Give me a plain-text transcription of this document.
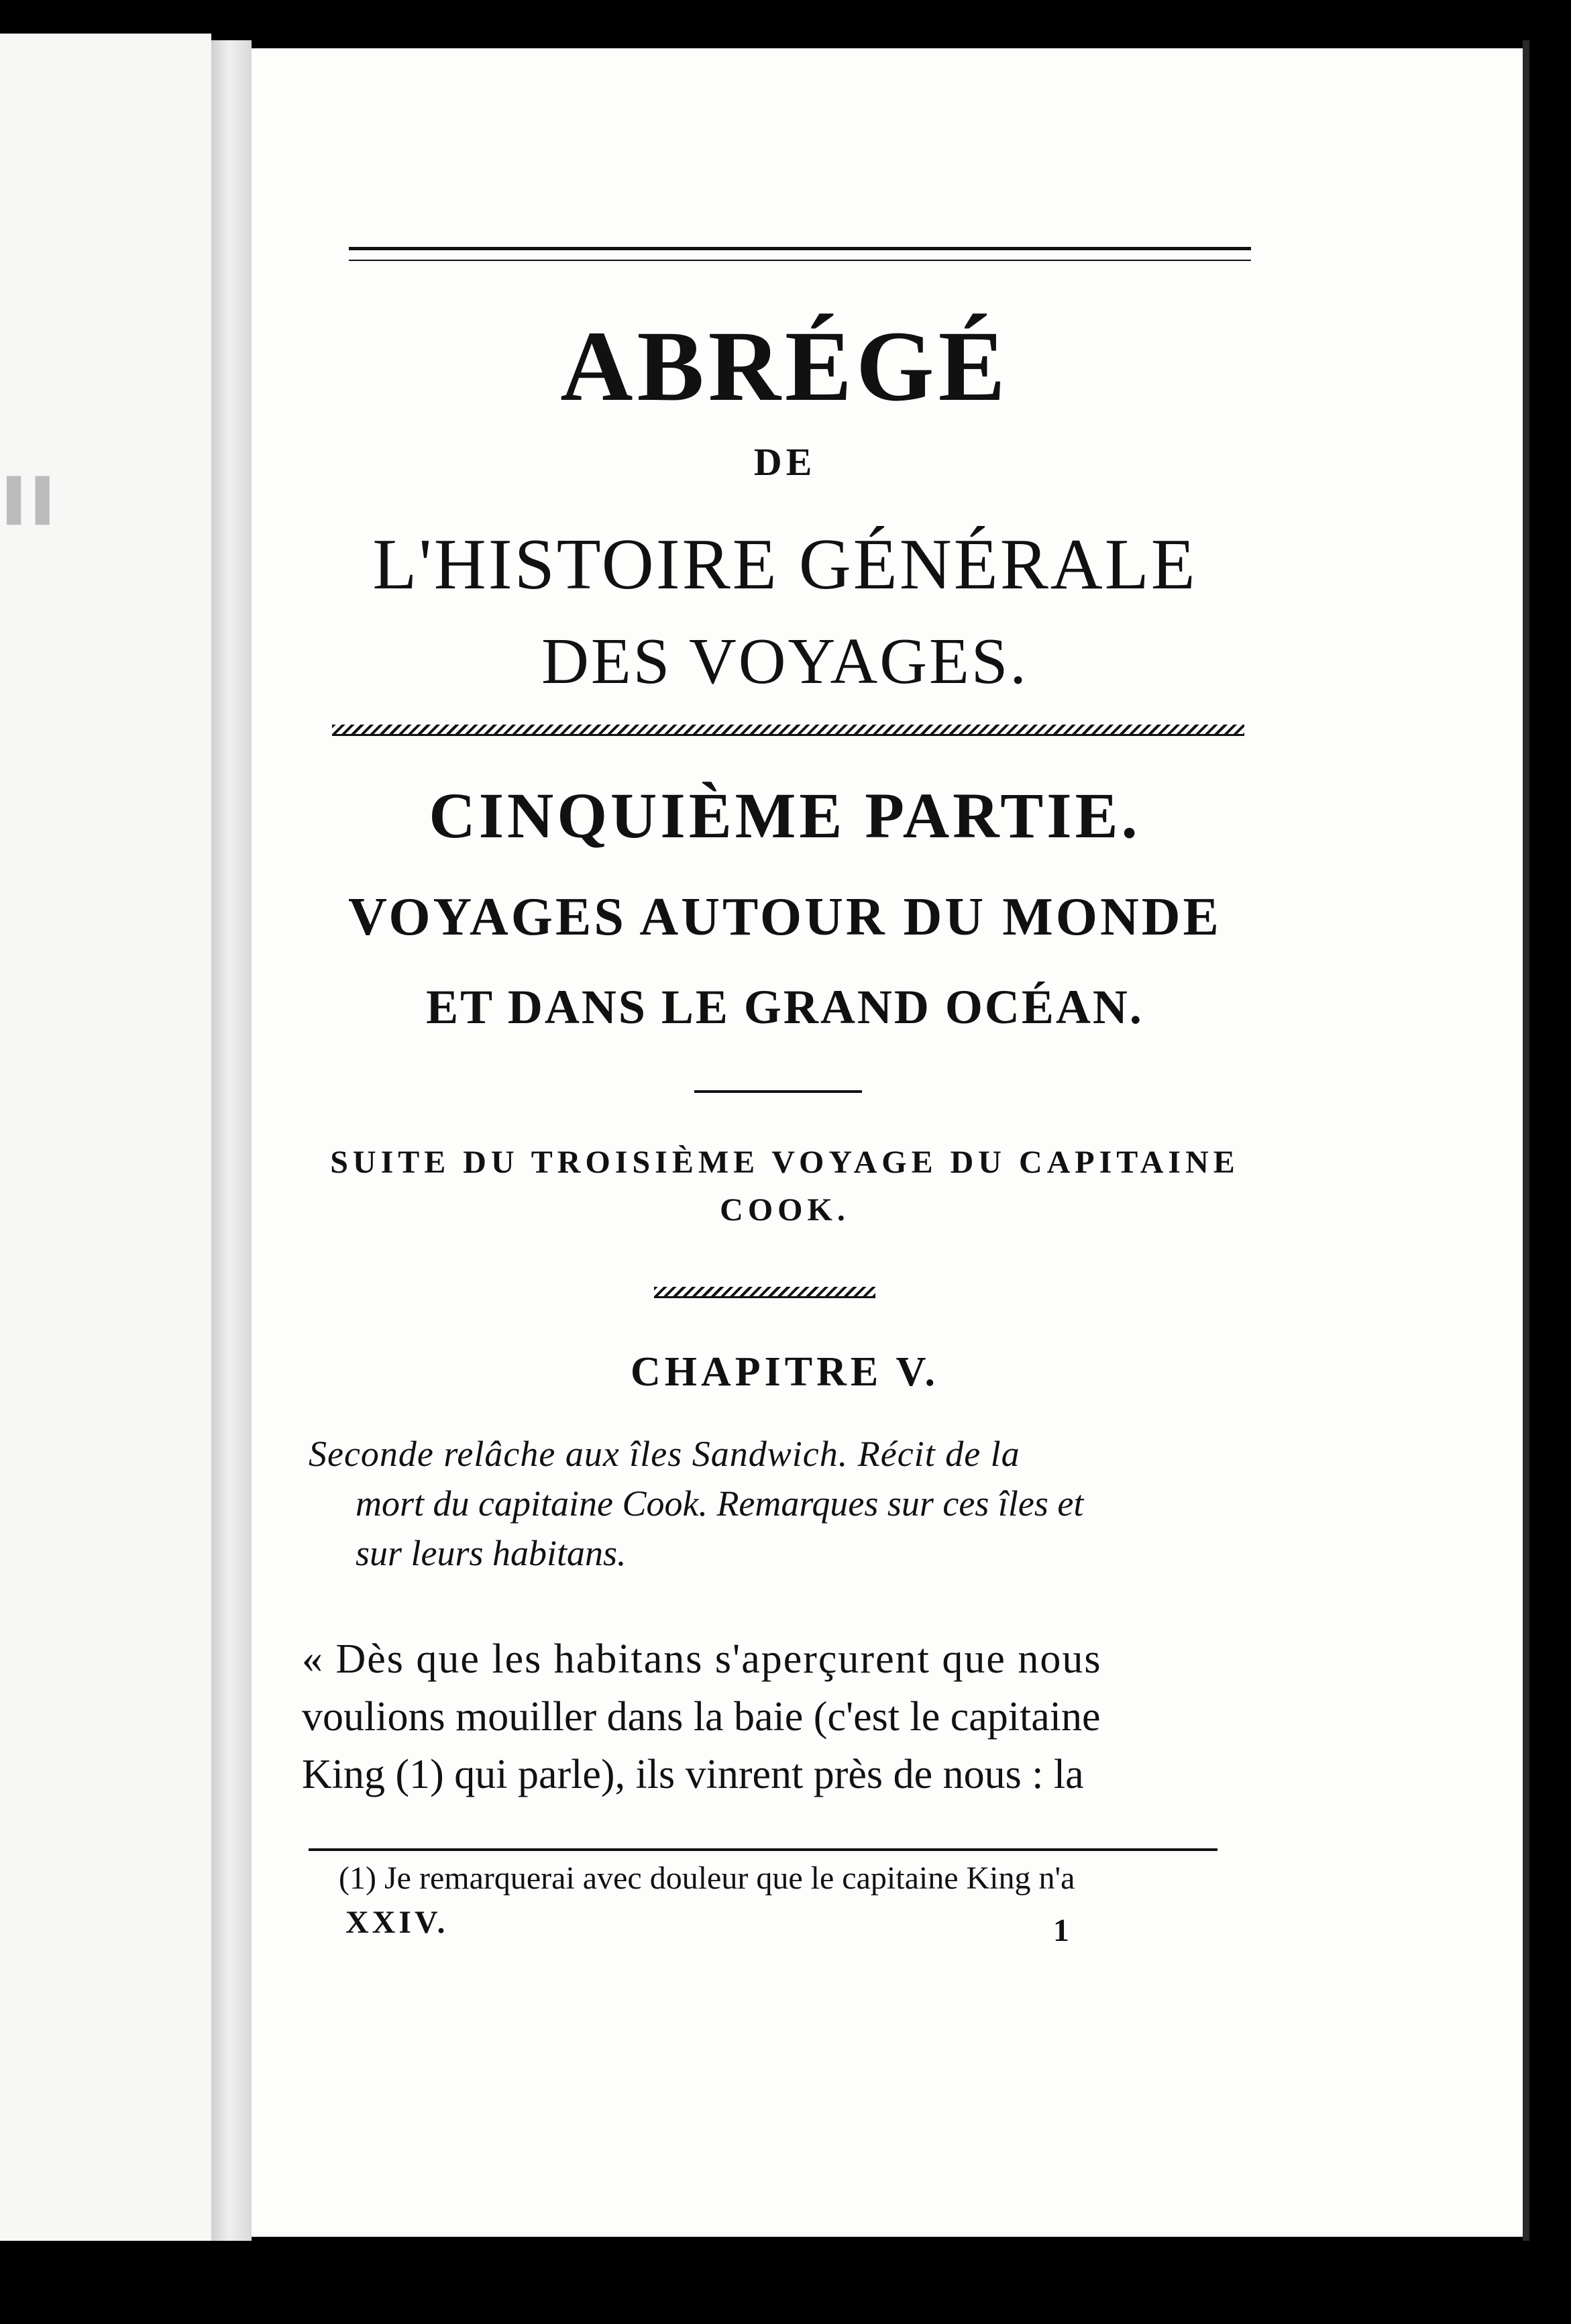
▌▌
ABRÉGÉ
DE
L'HISTOIRE GÉNÉRALE
DES VOYAGES.
CINQUIÈME PARTIE.
VOYAGES AUTOUR DU MONDE
ET DANS LE GRAND OCÉAN.
SUITE DU TROISIÈME VOYAGE DU CAPITAINE
COOK.
CHAPITRE V.
Seconde relâche aux îles Sandwich. Récit de la
mort du capitaine Cook. Remarques sur ces îles et
sur leurs habitans.
« Dès que les habitans s'aperçurent que nous
voulions mouiller dans la baie (c'est le capitaine
King (1) qui parle), ils vinrent près de nous : la
(1) Je remarquerai avec douleur que le capitaine King n'a
XXIV.	1
